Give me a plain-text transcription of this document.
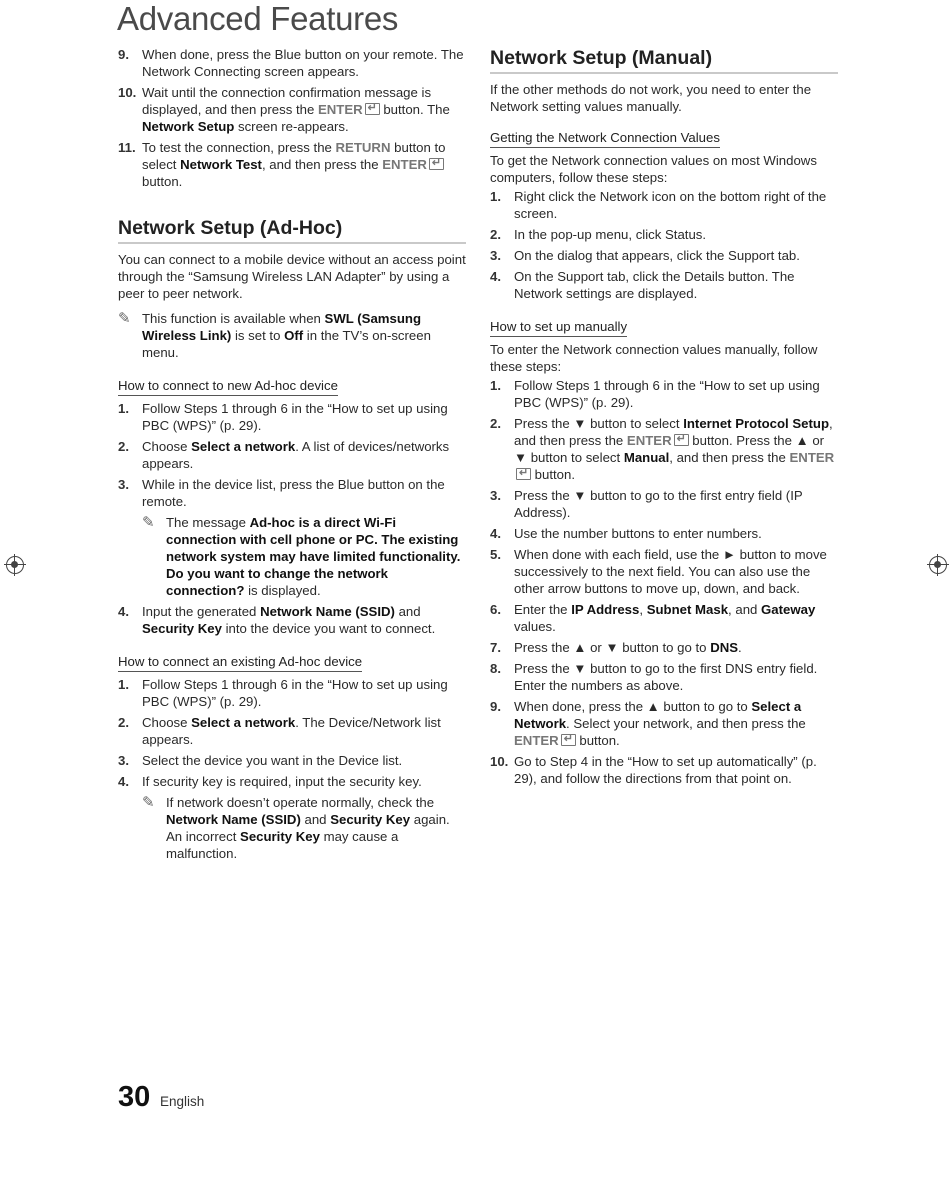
Advanced Features
9. When done, press the Blue button on your remote. The Network Connecting screen appears.
10. Wait until the connection confirmation message is displayed, and then press the ENTER↵ button. The Network Setup screen re-appears.
11. To test the connection, press the RETURN button to select Network Test, and then press the ENTER↵ button.
Network Setup (Ad-Hoc)

You can connect to a mobile device without an access point through the “Samsung Wireless LAN Adapter” by using a peer to peer network.

✎ This function is available when SWL (Samsung Wireless Link) is set to Off in the TV’s on-screen menu.
How to connect to new Ad-hoc device
1. Follow Steps 1 through 6 in the “How to set up using PBC (WPS)” (p. 29).
2. Choose Select a network. A list of devices/networks appears.
3. While in the device list, press the Blue button on the remote.
✎ The message Ad-hoc is a direct Wi-Fi connection with cell phone or PC. The existing network system may have limited functionality. Do you want to change the network connection? is displayed.
4. Input the generated Network Name (SSID) and Security Key into the device you want to connect.
How to connect an existing Ad-hoc device
1. Follow Steps 1 through 6 in the “How to set up using PBC (WPS)” (p. 29).
2. Choose Select a network. The Device/Network list appears.
3. Select the device you want in the Device list.
4. If security key is required, input the security key.
✎ If network doesn’t operate normally, check the Network Name (SSID) and Security Key again. An incorrect Security Key may cause a malfunction.
Network Setup (Manual)

If the other methods do not work, you need to enter the Network setting values manually.

Getting the Network Connection Values

To get the Network connection values on most Windows computers, follow these steps:

1. Right click the Network icon on the bottom right of the screen.
2. In the pop-up menu, click Status.
3. On the dialog that appears, click the Support tab.
4. On the Support tab, click the Details button. The Network settings are displayed.
How to set up manually

To enter the Network connection values manually, follow these steps:

1. Follow Steps 1 through 6 in the “How to set up using PBC (WPS)” (p. 29).
2. Press the ▼ button to select Internet Protocol Setup, and then press the ENTER↵ button. Press the ▲ or ▼ button to select Manual, and then press the ENTER↵ button.
3. Press the ▼ button to go to the first entry field (IP Address).
4. Use the number buttons to enter numbers.
5. When done with each field, use the ► button to move successively to the next field. You can also use the other arrow buttons to move up, down, and back.
6. Enter the IP Address, Subnet Mask, and Gateway values.
7. Press the ▲ or ▼ button to go to DNS.
8. Press the ▼ button to go to the first DNS entry field. Enter the numbers as above.
9. When done, press the ▲ button to go to Select a Network. Select your network, and then press the ENTER↵ button.
10. Go to Step 4 in the “How to set up automatically” (p. 29), and follow the directions from that point on.
30 English
